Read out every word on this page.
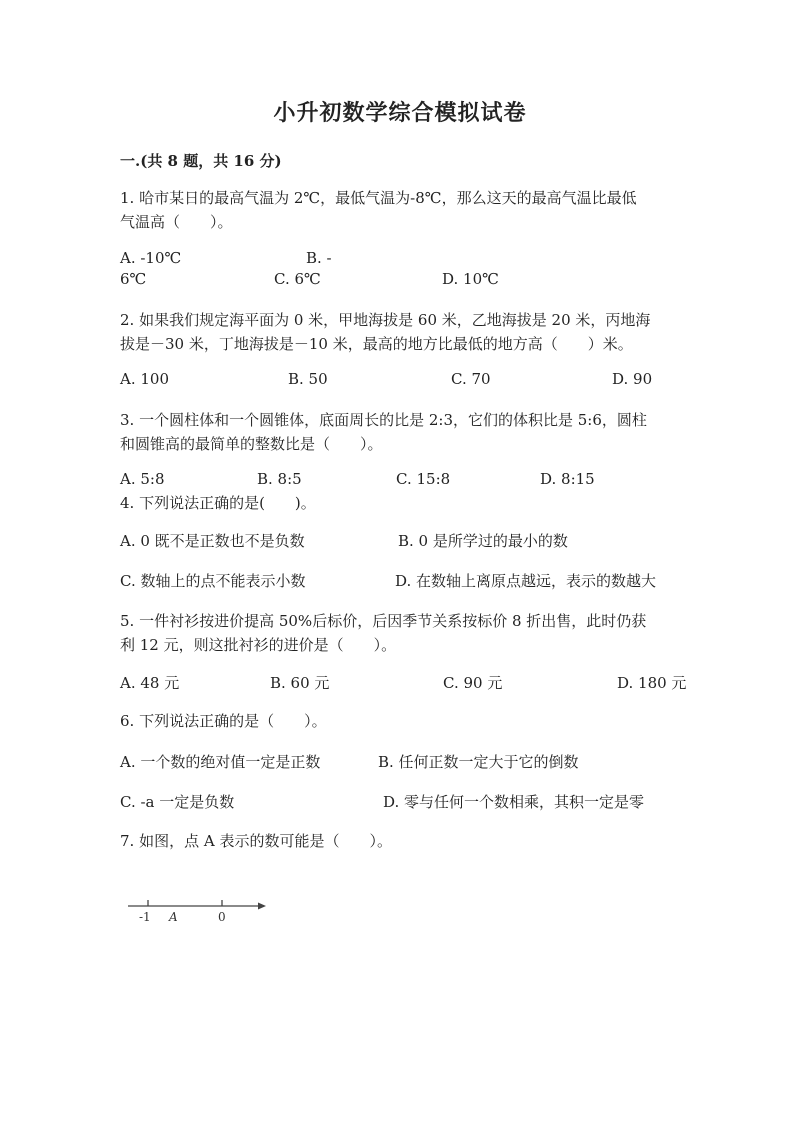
小升初数学综合模拟试卷
一.(共 8 题，共 16 分)
1. 哈市某日的最高气温为 2℃，最低气温为-8℃，那么这天的最高气温比最低
气温高（　　）。
A. -10℃	B. -
6℃	C. 6℃	D. 10℃
2. 如果我们规定海平面为 0 米，甲地海拔是 60 米，乙地海拔是 20 米，丙地海
拔是－30 米，丁地海拔是－10 米，最高的地方比最低的地方高（　　）米。
A. 100	B. 50	C. 70	D. 90
3. 一个圆柱体和一个圆锥体，底面周长的比是 2:3，它们的体积比是 5:6，圆柱
和圆锥高的最简单的整数比是（　　）。
A. 5:8	B. 8:5	C. 15:8	D. 8:15
4. 下列说法正确的是(　　)。
A. 0 既不是正数也不是负数	B. 0 是所学过的最小的数
C. 数轴上的点不能表示小数	D. 在数轴上离原点越远，表示的数越大
5. 一件衬衫按进价提高 50%后标价，后因季节关系按标价 8 折出售，此时仍获
利 12 元，则这批衬衫的进价是（　　）。
A. 48 元	B. 60 元	C. 90 元	D. 180 元
6. 下列说法正确的是（　　）。
A. 一个数的绝对值一定是正数	B. 任何正数一定大于它的倒数
C. -a 一定是负数	D. 零与任何一个数相乘，其积一定是零
7. 如图，点 A 表示的数可能是（　　）。
-1 A	0
